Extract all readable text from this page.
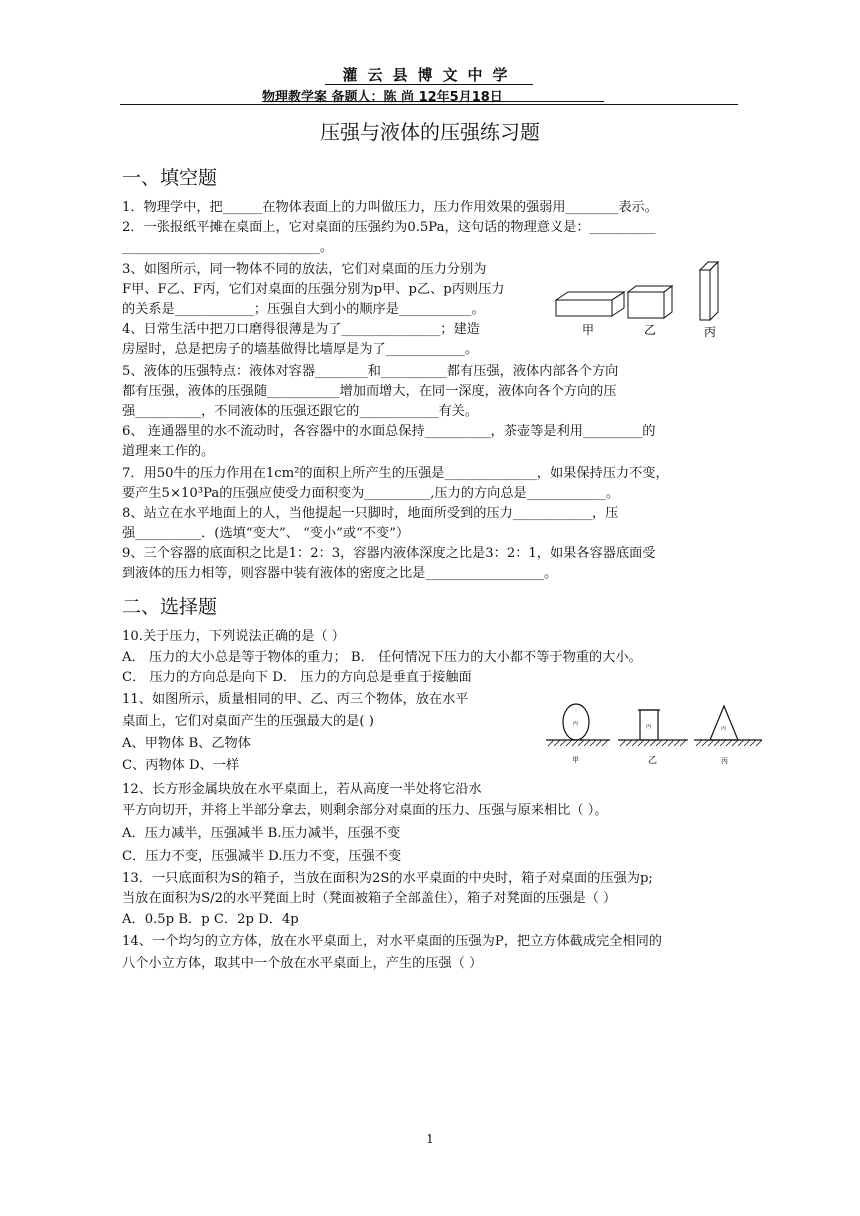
灌云县博文中学
物理教学案 备题人：陈 尚 12年5月18日
压强与液体的压强练习题
一、填空题
1．物理学中，把______在物体表面上的力叫做压力，压力作用效果的强弱用________表示。
2．一张报纸平摊在桌面上，它对桌面的压强约为0.5Pa，这句话的物理意义是：__________
______________________________。
3、如图所示，同一物体不同的放法，它们对桌面的压力分别为
F甲、F乙、F丙，它们对桌面的压强分别为p甲、p乙、p丙则压力
的关系是____________；压强自大到小的顺序是___________。
4、日常生活中把刀口磨得很薄是为了_______________；建造
房屋时，总是把房子的墙基做得比墙厚是为了____________。
甲	乙	丙
5、液体的压强特点：液体对容器________和__________都有压强，液体内部各个方向
都有压强，液体的压强随___________增加而增大，在同一深度，液体向各个方向的压
强__________，不同液体的压强还跟它的____________有关。
6、 连通器里的水不流动时，各容器中的水面总保持__________，茶壶等是利用_________的
道理来工作的。
7．用50牛的压力作用在1cm²的面积上所产生的压强是______________，如果保持压力不变，
要产生5×10³Pa的压强应使受力面积变为__________,压力的方向总是____________。
8、站立在水平地面上的人，当他提起一只脚时，地面所受到的压力____________，压
强__________．(选填“变大”、 “变小”或“不变”）
9、三个容器的底面积之比是1：2：3，容器内液体深度之比是3：2：1，如果各容器底面受
到液体的压力相等，则容器中装有液体的密度之比是__________________。
二、选择题
10.关于压力，下列说法正确的是（ ）
A． 压力的大小总是等于物体的重力； B． 任何情况下压力的大小都不等于物重的大小。
C． 压力的方向总是向下 D． 压力的方向总是垂直于接触面
11、如图所示，质量相同的甲、乙、丙三个物体，放在水平
桌面上，它们对桌面产生的压强最大的是( )
A、甲物体 B、乙物体
C、丙物体 D、一样
丙	丙	丙
甲	乙	丙
12、长方形金属块放在水平桌面上，若从高度一半处将它沿水
平方向切开，并将上半部分拿去，则剩余部分对桌面的压力、压强与原来相比（ ）。
A．压力减半，压强减半 B.压力减半，压强不变
C．压力不变，压强减半 D.压力不变，压强不变
13．一只底面积为S的箱子，当放在面积为2S的水平桌面的中央时，箱子对桌面的压强为p;
当放在面积为S/2的水平凳面上时（凳面被箱子全部盖住），箱子对凳面的压强是（ ）
A．0.5p B．p C．2p D．4p
14、一个均匀的立方体，放在水平桌面上，对水平桌面的压强为P，把立方体截成完全相同的
八个小立方体，取其中一个放在水平桌面上，产生的压强（ ）
1
